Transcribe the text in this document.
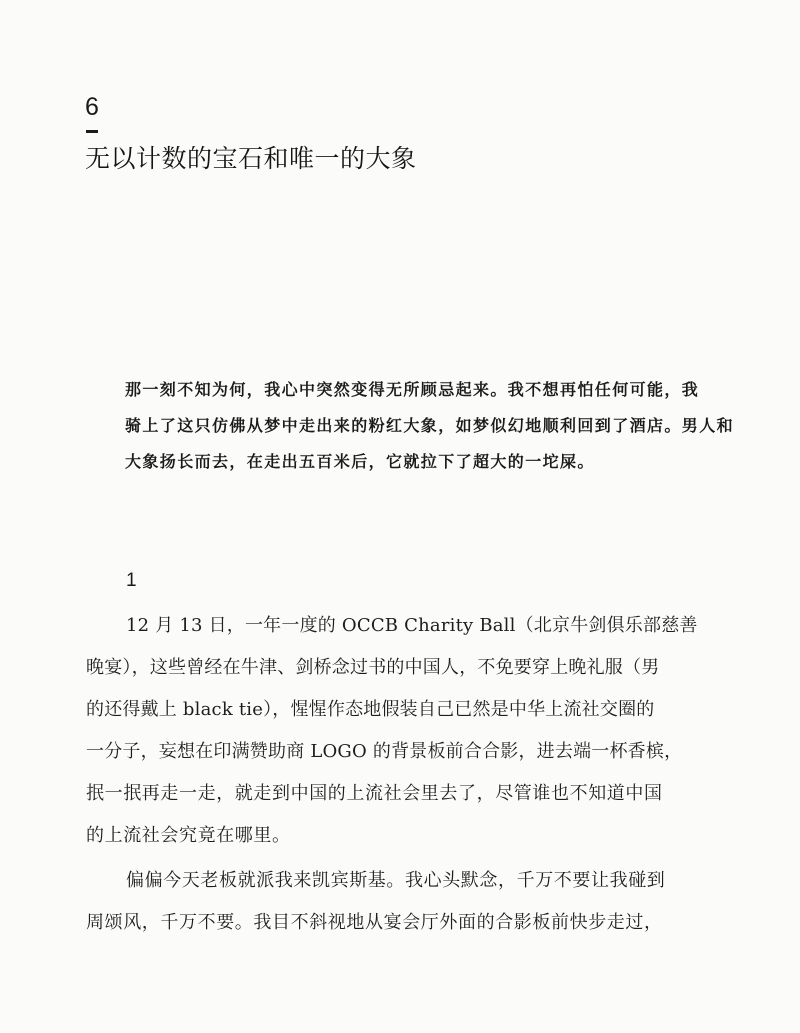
6
无以计数的宝石和唯一的大象
那一刻不知为何，我心中突然变得无所顾忌起来。我不想再怕任何可能，我
骑上了这只仿佛从梦中走出来的粉红大象，如梦似幻地顺利回到了酒店。男人和
大象扬长而去，在走出五百米后，它就拉下了超大的一坨屎。
1
12 月 13 日，一年一度的 OCCB Charity Ball（北京牛剑俱乐部慈善
晚宴），这些曾经在牛津、剑桥念过书的中国人，不免要穿上晚礼服（男
的还得戴上 black tie），惺惺作态地假装自己已然是中华上流社交圈的
一分子，妄想在印满赞助商 LOGO 的背景板前合合影，进去端一杯香槟，
抿一抿再走一走，就走到中国的上流社会里去了，尽管谁也不知道中国
的上流社会究竟在哪里。
偏偏今天老板就派我来凯宾斯基。我心头默念，千万不要让我碰到
周颂风，千万不要。我目不斜视地从宴会厅外面的合影板前快步走过，
